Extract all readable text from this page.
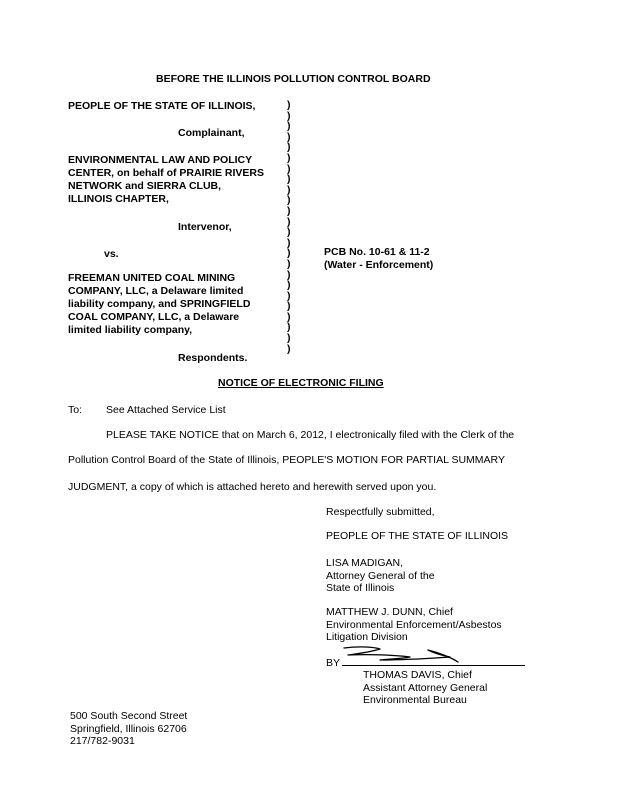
BEFORE THE ILLINOIS POLLUTION CONTROL BOARD
PEOPLE OF THE STATE OF ILLINOIS,
Complainant,
ENVIRONMENTAL LAW AND POLICY
CENTER, on behalf of PRAIRIE RIVERS
NETWORK and SIERRA CLUB,
ILLINOIS CHAPTER,
Intervenor,
vs.
FREEMAN UNITED COAL MINING
COMPANY, LLC, a Delaware limited
liability company, and SPRINGFIELD
COAL COMPANY, LLC, a Delaware
limited liability company,
Respondents.
)
)
)
)
)
)
)
)
)
)
)
)
)
)
)
)
)
)
)
)
)
)
)
)
PCB No. 10-61 & 11-2
(Water - Enforcement)
NOTICE OF ELECTRONIC FILING
To: See Attached Service List
PLEASE TAKE NOTICE that on March 6, 2012, I electronically filed with the Clerk of the
Pollution Control Board of the State of Illinois, PEOPLE'S MOTION FOR PARTIAL SUMMARY
JUDGMENT, a copy of which is attached hereto and herewith served upon you.
Respectfully submitted,
PEOPLE OF THE STATE OF ILLINOIS
LISA MADIGAN,
Attorney General of the
State of Illinois
MATTHEW J. DUNN, Chief
Environmental Enforcement/Asbestos
Litigation Division
BY
THOMAS DAVIS, Chief
Assistant Attorney General
Environmental Bureau
500 South Second Street
Springfield, Illinois 62706
217/782-9031
